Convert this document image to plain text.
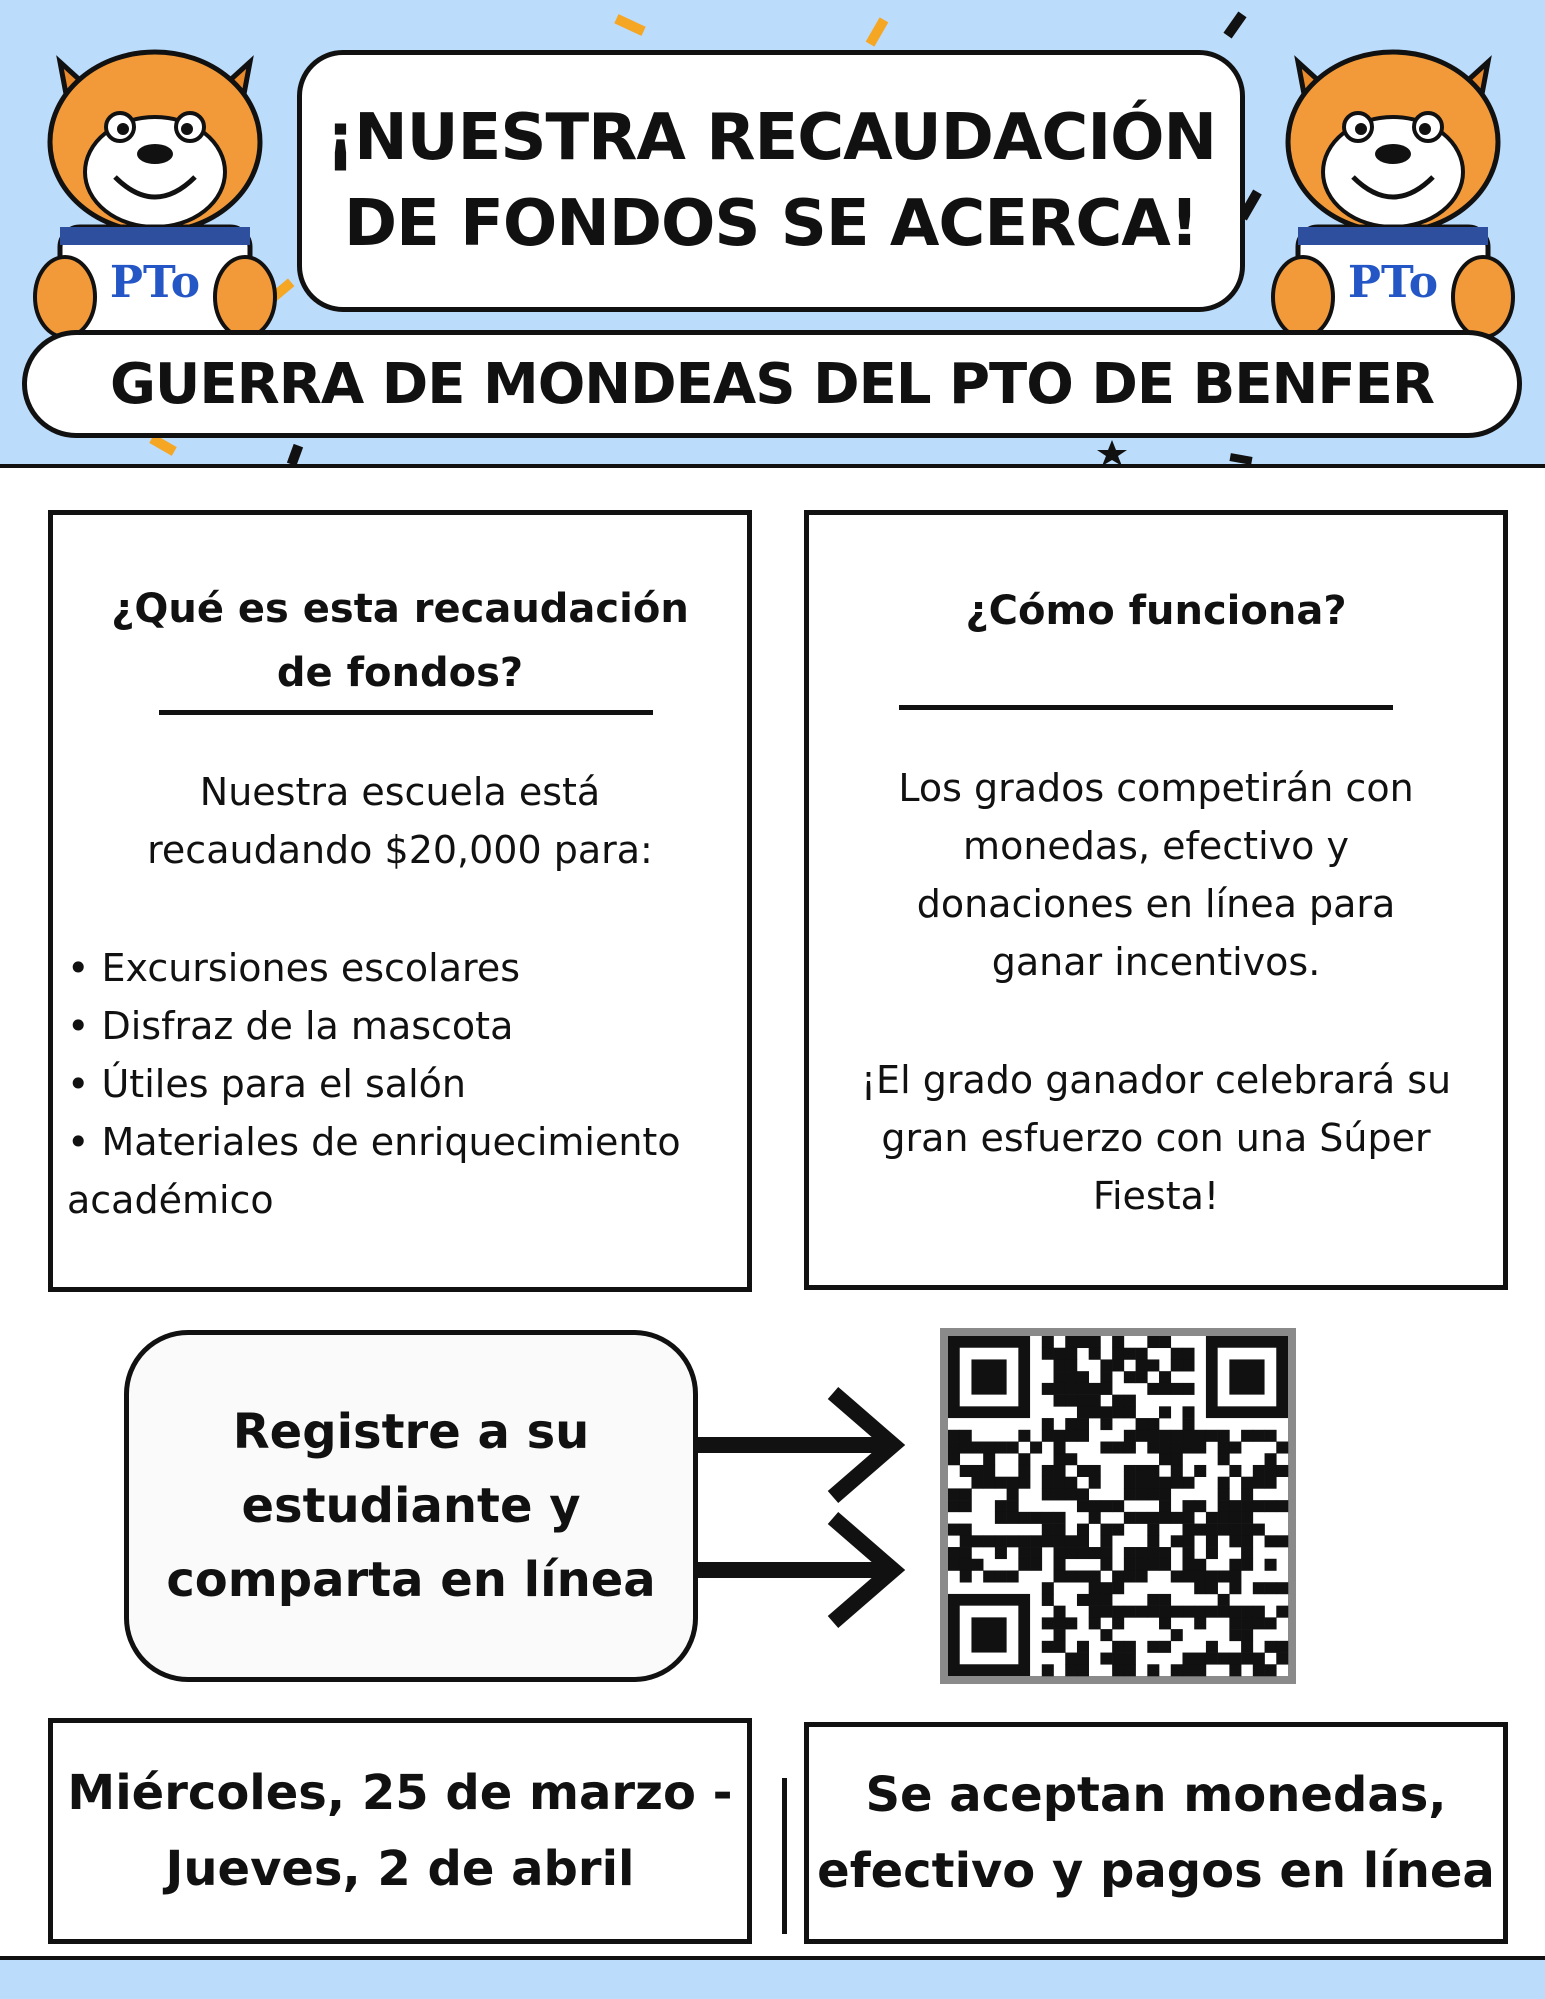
PTo	PTo
¡NUESTRA RECAUDACIÓN
DE FONDOS SE ACERCA!
GUERRA DE MONDEAS DEL PTO DE BENFER
¿Qué es esta recaudación
de fondos?
Nuestra escuela está
recaudando $20,000 para:
• Excursiones escolares
• Disfraz de la mascota
• Útiles para el salón
• Materiales de enriquecimiento
académico
¿Cómo funciona?
Los grados competirán con
monedas, efectivo y
donaciones en línea para
ganar incentivos.
¡El grado ganador celebrará su
gran esfuerzo con una Súper
Fiesta!
Registre a su
estudiante y
comparta en línea
Miércoles, 25 de marzo -
Jueves, 2 de abril
Se aceptan monedas,
efectivo y pagos en línea
